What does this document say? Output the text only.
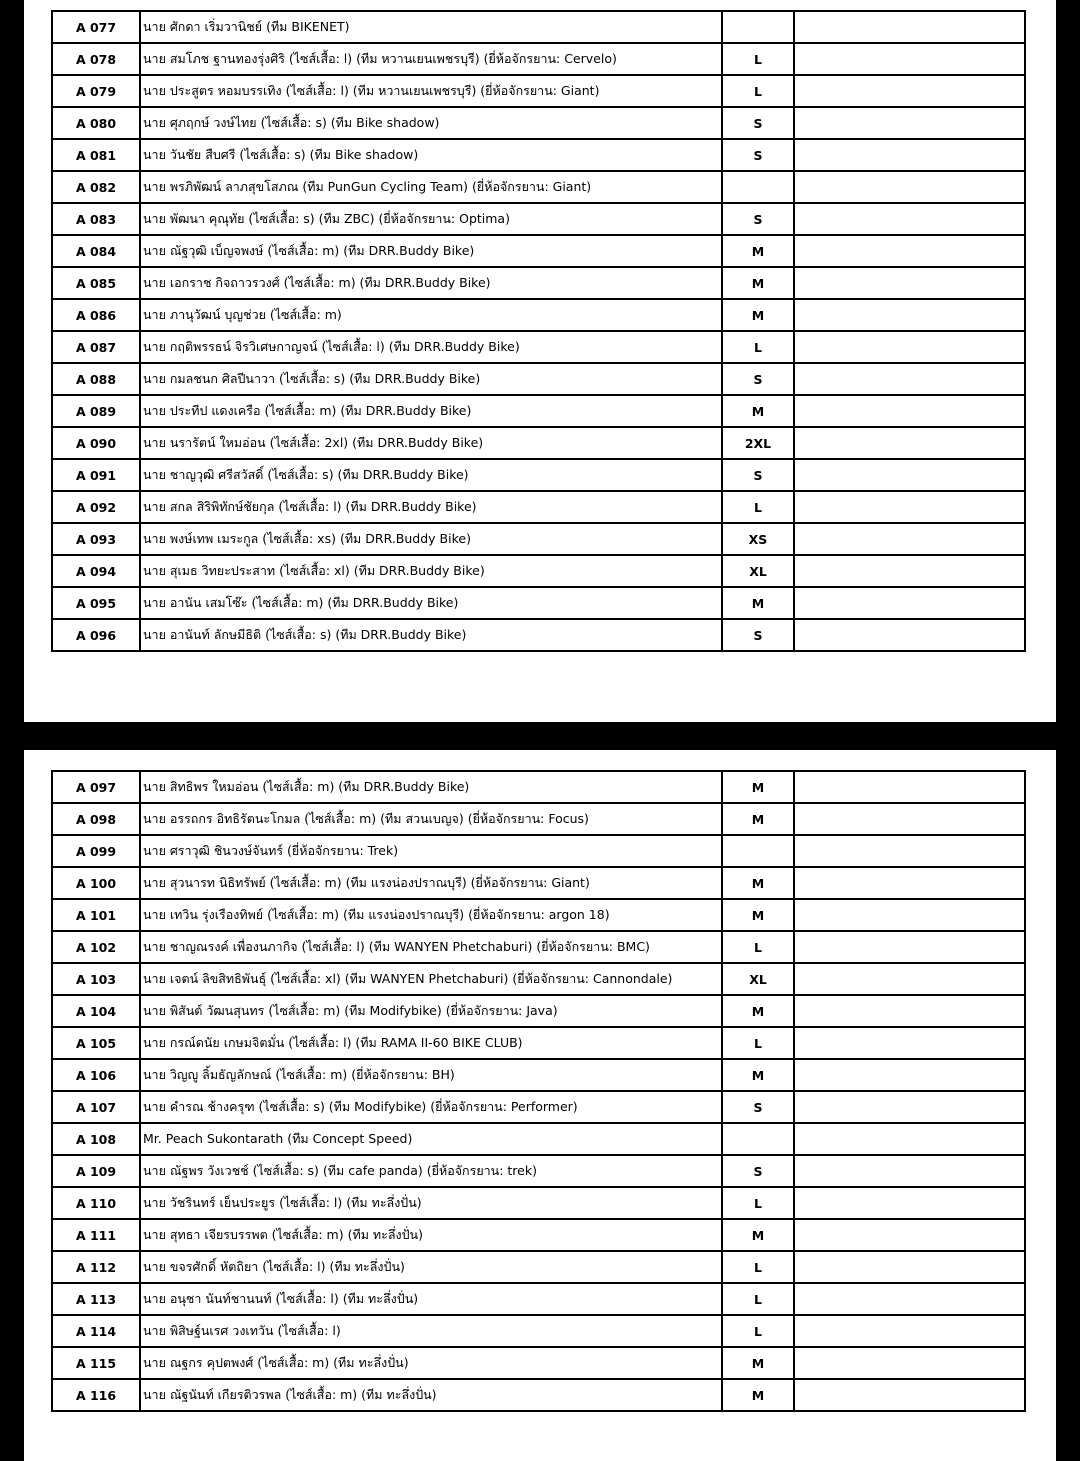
A 077	นาย ศักดา เริ่มวานิชย์ (ทีม BIKENET)		
A 078	นาย สมโภช ฐานทองรุ่งศิริ (ไซส์เสื้อ: l) (ทีม หวานเยนเพชรบุรี) (ยี่ห้อจักรยาน: Cervelo)	L	
A 079	นาย ประสูตร หอมบรรเทิง (ไซส์เสื้อ: l) (ทีม หวานเยนเพชรบุรี) (ยี่ห้อจักรยาน: Giant)	L	
A 080	นาย ศุภฤกษ์ วงษ์ไทย (ไซส์เสื้อ: s) (ทีม Bike shadow)	S	
A 081	นาย วันชัย สืบศรี (ไซส์เสื้อ: s) (ทีม Bike shadow)	S	
A 082	นาย พรภิพัฒน์ ลาภสุขโสภณ (ทีม PunGun Cycling Team) (ยี่ห้อจักรยาน: Giant)		
A 083	นาย พัฒนา คุณุทัย (ไซส์เสื้อ: s) (ทีม ZBC) (ยี่ห้อจักรยาน: Optima)	S	
A 084	นาย ณัฐวุฒิ เบ็ญจพงษ์ (ไซส์เสื้อ: m) (ทีม DRR.Buddy Bike)	M	
A 085	นาย เอกราช กิจถาวรวงศ์ (ไซส์เสื้อ: m) (ทีม DRR.Buddy Bike)	M	
A 086	นาย ภานุวัฒน์ บุญช่วย (ไซส์เสื้อ: m)	M	
A 087	นาย กฤติพรรธน์ จิรวิเศษกาญจน์ (ไซส์เสื้อ: l) (ทีม DRR.Buddy Bike)	L	
A 088	นาย กมลชนก ศิลปีนาวา (ไซส์เสื้อ: s) (ทีม DRR.Buddy Bike)	S	
A 089	นาย ประทีป แดงเครือ (ไซส์เสื้อ: m) (ทีม DRR.Buddy Bike)	M	
A 090	นาย นรารัตน์ ใหมอ่อน (ไซส์เสื้อ: 2xl) (ทีม DRR.Buddy Bike)	2XL	
A 091	นาย ชาญวุฒิ ศรีสวัสดิ์ (ไซส์เสื้อ: s) (ทีม DRR.Buddy Bike)	S	
A 092	นาย สกล สิริพิทักษ์ชัยกุล (ไซส์เสื้อ: l) (ทีม DRR.Buddy Bike)	L	
A 093	นาย พงษ์เทพ เมระกูล (ไซส์เสื้อ: xs) (ทีม DRR.Buddy Bike)	XS	
A 094	นาย สุเมธ วิทยะประสาท (ไซส์เสื้อ: xl) (ทีม DRR.Buddy Bike)	XL	
A 095	นาย อานัน เสมโซ๊ะ (ไซส์เสื้อ: m) (ทีม DRR.Buddy Bike)	M	
A 096	นาย อานันท์ ลักษมีธิติ (ไซส์เสื้อ: s) (ทีม DRR.Buddy Bike)	S	
A 097	นาย สิทธิพร ใหมอ่อน (ไซส์เสื้อ: m) (ทีม DRR.Buddy Bike)	M	
A 098	นาย อรรถกร อิทธิรัตนะโกมล (ไซส์เสื้อ: m) (ทีม สวนเบญจ) (ยี่ห้อจักรยาน: Focus)	M	
A 099	นาย ศราวุฒิ ชินวงษ์จันทร์ (ยี่ห้อจักรยาน: Trek)		
A 100	นาย สุวนารท นิธิทรัพย์ (ไซส์เสื้อ: m) (ทีม แรงน่องปราณบุรี) (ยี่ห้อจักรยาน: Giant)	M	
A 101	นาย เทวิน รุ่งเรืองทิพย์ (ไซส์เสื้อ: m) (ทีม แรงน่องปราณบุรี) (ยี่ห้อจักรยาน: argon 18)	M	
A 102	นาย ชาญณรงค์ เพื่องนภากิจ (ไซส์เสื้อ: l) (ทีม WANYEN Phetchaburi) (ยี่ห้อจักรยาน: BMC)	L	
A 103	นาย เจตน์ ลิขสิทธิพันธุ์ (ไซส์เสื้อ: xl) (ทีม WANYEN Phetchaburi) (ยี่ห้อจักรยาน: Cannondale)	XL	
A 104	นาย พิสันต์ วัฒนสุนทร (ไซส์เสื้อ: m) (ทีม Modifybike) (ยี่ห้อจักรยาน: Java)	M	
A 105	นาย กรณ์ดนัย เกษมจิตมั่น (ไซส์เสื้อ: l) (ทีม RAMA II-60 BIKE CLUB)	L	
A 106	นาย วิญญู ลิ้มธัญลักษณ์ (ไซส์เสื้อ: m) (ยี่ห้อจักรยาน: BH)	M	
A 107	นาย คำรณ ช้างครุฑ (ไซส์เสื้อ: s) (ทีม Modifybike) (ยี่ห้อจักรยาน: Performer)	S	
A 108	Mr. Peach Sukontarath (ทีม Concept Speed)		
A 109	นาย ณัฐพร วังเวชช์ (ไซส์เสื้อ: s) (ทีม cafe panda) (ยี่ห้อจักรยาน: trek)	S	
A 110	นาย วัชรินทร์ เย็นประยูร (ไซส์เสื้อ: l) (ทีม ทะลึ่งปั่น)	L	
A 111	นาย สุทธา เจียรบรรพต (ไซส์เสื้อ: m) (ทีม ทะลึ่งปั่น)	M	
A 112	นาย ขจรศักดิ์ หัตถิยา (ไซส์เสื้อ: l) (ทีม ทะลึ่งปั่น)	L	
A 113	นาย อนุชา นันท์ชานนท์ (ไซส์เสื้อ: l) (ทีม ทะลึ่งปั่น)	L	
A 114	นาย พิสิษฐ์นเรศ วงเทวัน (ไซส์เสื้อ: l)	L	
A 115	นาย ณฐกร คุปตพงศ์ (ไซส์เสื้อ: m) (ทีม ทะลึ่งปั่น)	M	
A 116	นาย ณัฐนันท์ เกียรติวรพล (ไซส์เสื้อ: m) (ทีม ทะลึ่งปั่น)	M	
